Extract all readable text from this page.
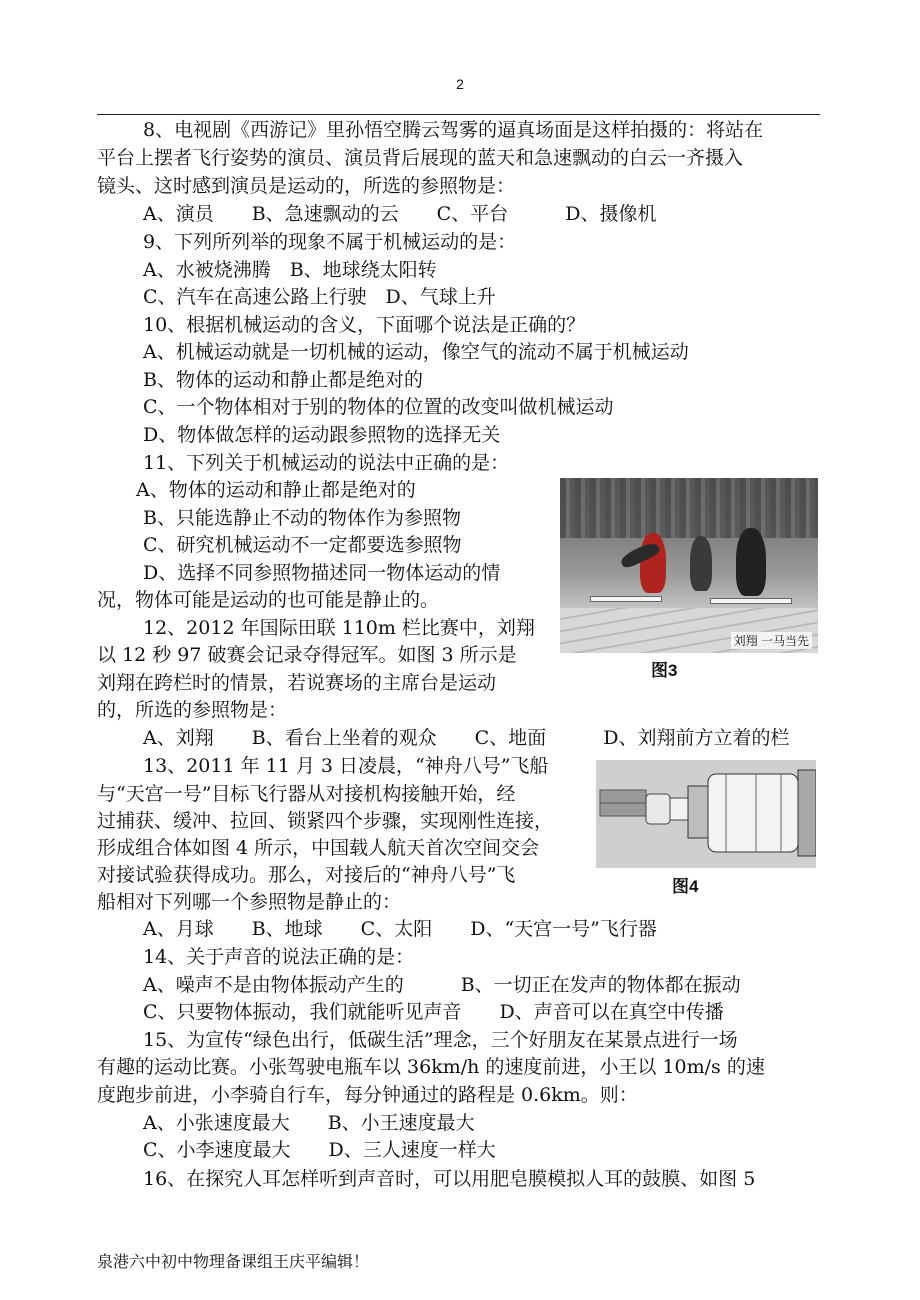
2
8、电视剧《西游记》里孙悟空腾云驾雾的逼真场面是这样拍摄的：将站在
平台上摆者飞行姿势的演员、演员背后展现的蓝天和急速飘动的白云一齐摄入
镜头、这时感到演员是运动的，所选的参照物是：
A、演员　　B、急速飘动的云　　C、平台　　　D、摄像机
9、下列所列举的现象不属于机械运动的是：
A、水被烧沸腾　B、地球绕太阳转
C、汽车在高速公路上行驶　D、气球上升
10、根据机械运动的含义，下面哪个说法是正确的？
A、机械运动就是一切机械的运动，像空气的流动不属于机械运动
B、物体的运动和静止都是绝对的
C、一个物体相对于别的物体的位置的改变叫做机械运动
D、物体做怎样的运动跟参照物的选择无关
11、下列关于机械运动的说法中正确的是：
A、物体的运动和静止都是绝对的
B、只能选静止不动的物体作为参照物
C、研究机械运动不一定都要选参照物
D、选择不同参照物描述同一物体运动的情
况，物体可能是运动的也可能是静止的。
12、2012 年国际田联 110m 栏比赛中，刘翔
以 12 秒 97 破赛会记录夺得冠军。如图 3 所示是
刘翔在跨栏时的情景，若说赛场的主席台是运动
的，所选的参照物是：
A、刘翔　　B、看台上坐着的观众　　C、地面　　　D、刘翔前方立着的栏
13、2011 年 11 月 3 日凌晨，“神舟八号”飞船
与“天宫一号”目标飞行器从对接机构接触开始，经
过捕获、缓冲、拉回、锁紧四个步骤，实现刚性连接，
形成组合体如图 4 所示，中国载人航天首次空间交会
对接试验获得成功。那么，对接后的“神舟八号”飞
船相对下列哪一个参照物是静止的：
A、月球　　B、地球　　C、太阳　　D、“天宫一号”飞行器
14、关于声音的说法正确的是：
A、噪声不是由物体振动产生的　　　B、一切正在发声的物体都在振动
C、只要物体振动，我们就能听见声音　　D、声音可以在真空中传播
15、为宣传“绿色出行，低碳生活”理念，三个好朋友在某景点进行一场
有趣的运动比赛。小张驾驶电瓶车以 36km/h 的速度前进，小王以 10m/s 的速
度跑步前进，小李骑自行车，每分钟通过的路程是 0.6km。则：
A、小张速度最大　　B、小王速度最大
C、小李速度最大　　D、三人速度一样大
16、在探究人耳怎样听到声音时，可以用肥皂膜模拟人耳的鼓膜、如图 5
刘翔 一马当先
图3
图4
泉港六中初中物理备课组王庆平编辑！
